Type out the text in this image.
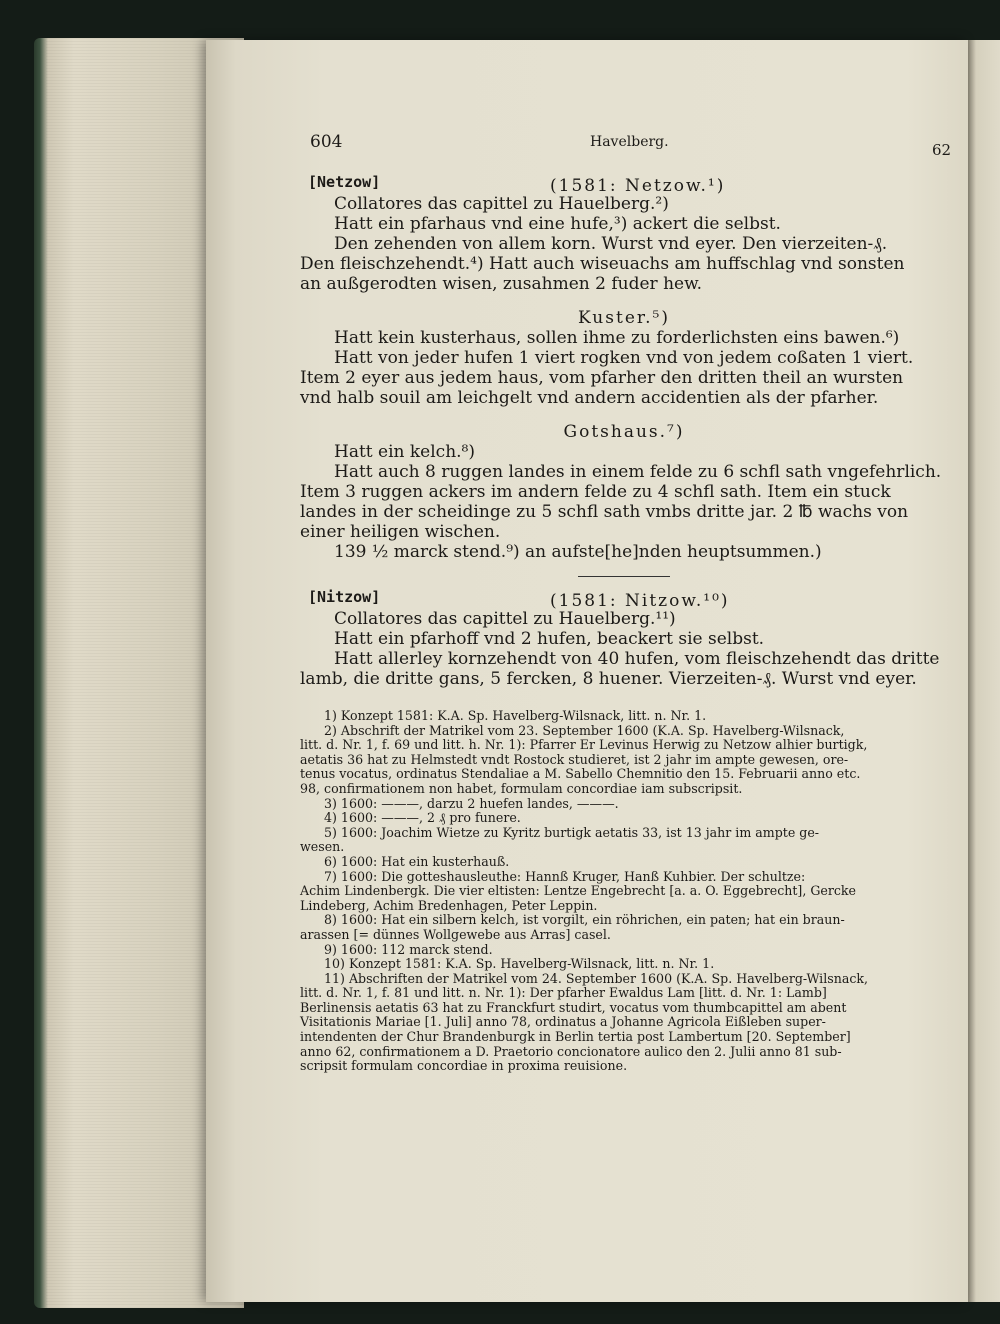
604	Havelberg.	62
[Netzow]	(1581: Netzow.¹)
Collatores das capittel zu Hauelberg.²)
Hatt ein pfarhaus vnd eine hufe,³) ackert die selbst.
Den zehenden von allem korn. Wurst vnd eyer. Den vierzeiten-₰.
Den fleischzehendt.⁴) Hatt auch wiseuachs am huffschlag vnd sonsten
an außgerodten wisen, zusahmen 2 fuder hew.
Kuster.⁵)
Hatt kein kusterhaus, sollen ihme zu forderlichsten eins bawen.⁶)
Hatt von jeder hufen 1 viert rogken vnd von jedem coßaten 1 viert.
Item 2 eyer aus jedem haus, vom pfarher den dritten theil an wursten
vnd halb souil am leichgelt vnd andern accidentien als der pfarher.
Gotshaus.⁷)
Hatt ein kelch.⁸)
Hatt auch 8 ruggen landes in einem felde zu 6 schfl sath vngefehrlich.
Item 3 ruggen ackers im andern felde zu 4 schfl sath. Item ein stuck
landes in der scheidinge zu 5 schfl sath vmbs dritte jar. 2 ℔ wachs von
einer heiligen wischen.
139 ½ marck stend.⁹) an aufste[he]nden heuptsummen.)
[Nitzow]	(1581: Nitzow.¹⁰)
Collatores das capittel zu Hauelberg.¹¹)
Hatt ein pfarhoff vnd 2 hufen, beackert sie selbst.
Hatt allerley kornzehendt von 40 hufen, vom fleischzehendt das dritte
lamb, die dritte gans, 5 fercken, 8 huener. Vierzeiten-₰. Wurst vnd eyer.
1) Konzept 1581: K.A. Sp. Havelberg-Wilsnack, litt. n. Nr. 1.
2) Abschrift der Matrikel vom 23. September 1600 (K.A. Sp. Havelberg-Wilsnack,
litt. d. Nr. 1, f. 69 und litt. h. Nr. 1): Pfarrer Er Levinus Herwig zu Netzow alhier burtigk,
aetatis 36 hat zu Helmstedt vndt Rostock studieret, ist 2 jahr im ampte gewesen, ore-
tenus vocatus, ordinatus Stendaliae a M. Sabello Chemnitio den 15. Februarii anno etc.
98, confirmationem non habet, formulam concordiae iam subscripsit.
3) 1600: ———, darzu 2 huefen landes, ———.
4) 1600: ———, 2 ₰ pro funere.
5) 1600: Joachim Wietze zu Kyritz burtigk aetatis 33, ist 13 jahr im ampte ge-
wesen.
6) 1600: Hat ein kusterhauß.
7) 1600: Die gotteshausleuthe: Hannß Kruger, Hanß Kuhbier. Der schultze:
Achim Lindenbergk. Die vier eltisten: Lentze Engebrecht [a. a. O. Eggebrecht], Gercke
Lindeberg, Achim Bredenhagen, Peter Leppin.
8) 1600: Hat ein silbern kelch, ist vorgilt, ein röhrichen, ein paten; hat ein braun-
arassen [= dünnes Wollgewebe aus Arras] casel.
9) 1600: 112 marck stend.
10) Konzept 1581: K.A. Sp. Havelberg-Wilsnack, litt. n. Nr. 1.
11) Abschriften der Matrikel vom 24. September 1600 (K.A. Sp. Havelberg-Wilsnack,
litt. d. Nr. 1, f. 81 und litt. n. Nr. 1): Der pfarher Ewaldus Lam [litt. d. Nr. 1: Lamb]
Berlinensis aetatis 63 hat zu Franckfurt studirt, vocatus vom thumbcapittel am abent
Visitationis Mariae [1. Juli] anno 78, ordinatus a Johanne Agricola Eißleben super-
intendenten der Chur Brandenburgk in Berlin tertia post Lambertum [20. September]
anno 62, confirmationem a D. Praetorio concionatore aulico den 2. Julii anno 81 sub-
scripsit formulam concordiae in proxima reuisione.
